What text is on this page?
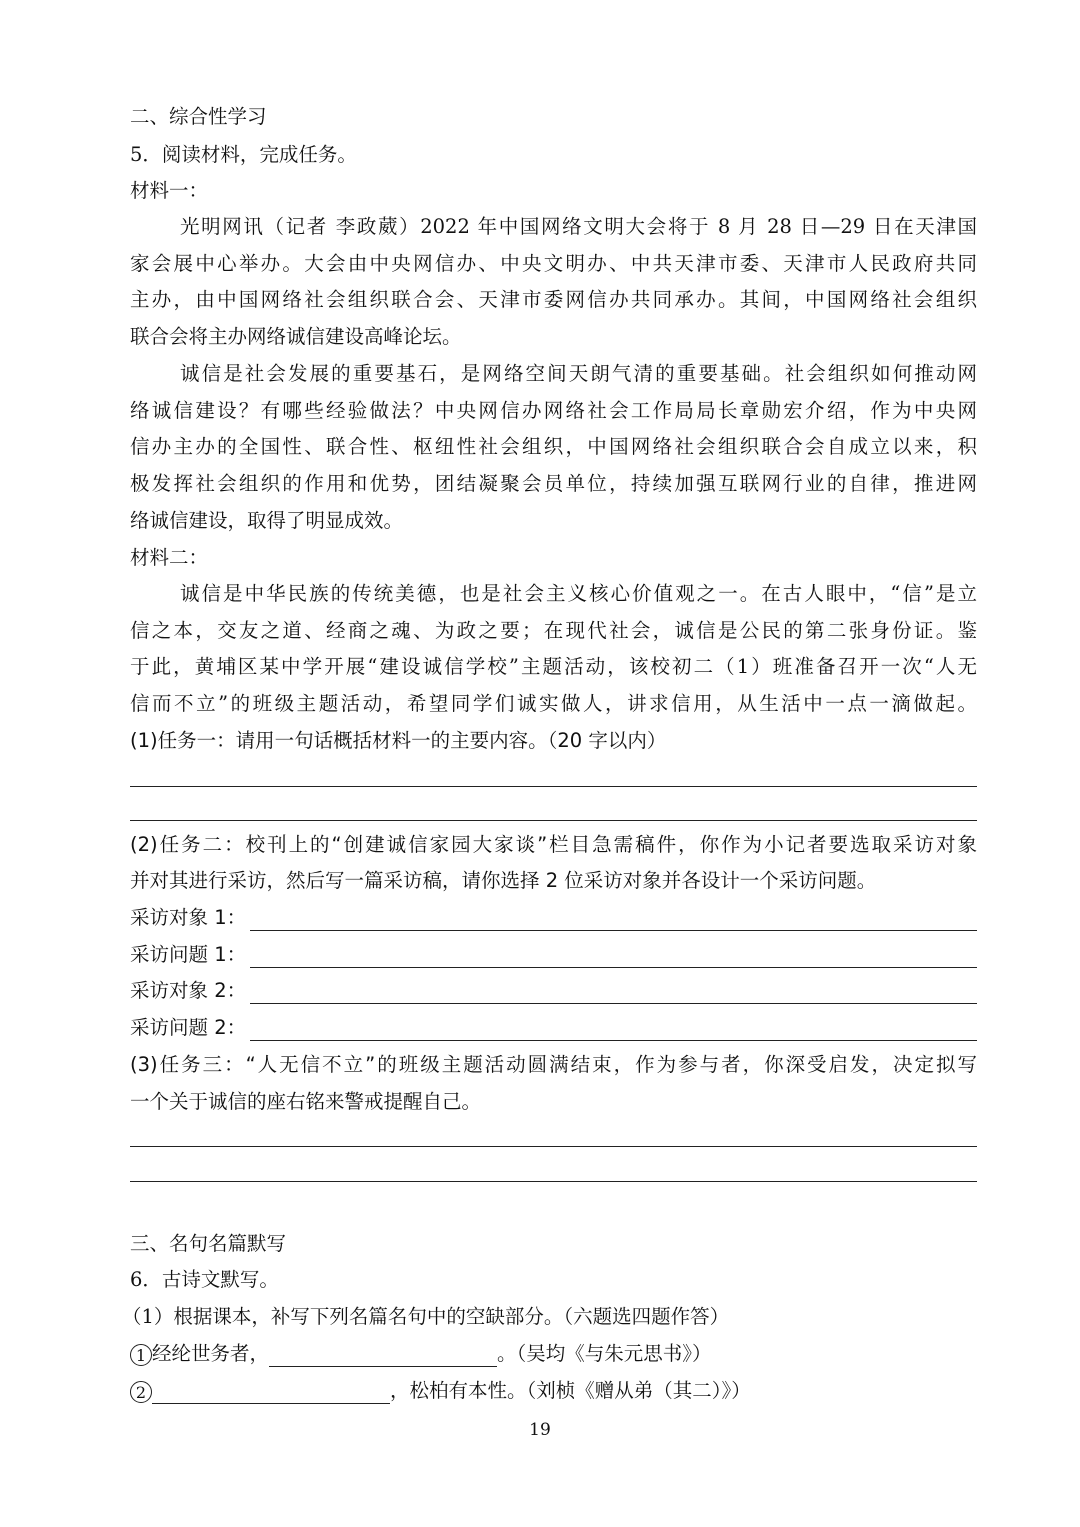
二、综合性学习
5．阅读材料，完成任务。
材料一：
光明网讯（记者 李政葳）2022 年中国网络文明大会将于 8 月 28 日—29 日在天津国
家会展中心举办。大会由中央网信办、中央文明办、中共天津市委、天津市人民政府共同
主办，由中国网络社会组织联合会、天津市委网信办共同承办。其间，中国网络社会组织
联合会将主办网络诚信建设高峰论坛。
诚信是社会发展的重要基石，是网络空间天朗气清的重要基础。社会组织如何推动网
络诚信建设？有哪些经验做法？中央网信办网络社会工作局局长章勋宏介绍，作为中央网
信办主办的全国性、联合性、枢纽性社会组织，中国网络社会组织联合会自成立以来，积
极发挥社会组织的作用和优势，团结凝聚会员单位，持续加强互联网行业的自律，推进网
络诚信建设，取得了明显成效。
材料二：
诚信是中华民族的传统美德，也是社会主义核心价值观之一。在古人眼中，“信”是立
信之本，交友之道、经商之魂、为政之要；在现代社会，诚信是公民的第二张身份证。鉴
于此，黄埔区某中学开展“建设诚信学校”主题活动，该校初二（1）班准备召开一次“人无
信而不立”的班级主题活动，希望同学们诚实做人，讲求信用，从生活中一点一滴做起。
(1)任务一：请用一句话概括材料一的主要内容。（20 字以内）
(2)任务二：校刊上的“创建诚信家园大家谈”栏目急需稿件，你作为小记者要选取采访对象
并对其进行采访，然后写一篇采访稿，请你选择 2 位采访对象并各设计一个采访问题。
采访对象 1：
采访问题 1：
采访对象 2：
采访问题 2：
(3)任务三：“人无信不立”的班级主题活动圆满结束，作为参与者，你深受启发，决定拟写
一个关于诚信的座右铭来警戒提醒自己。
三、名句名篇默写
6．古诗文默写。
（1）根据课本，补写下列名篇名句中的空缺部分。（六题选四题作答）
1 经纶世务者，	。（吴均《与朱元思书》）
2	，松柏有本性。（刘桢《赠从弟（其二）》）
19
